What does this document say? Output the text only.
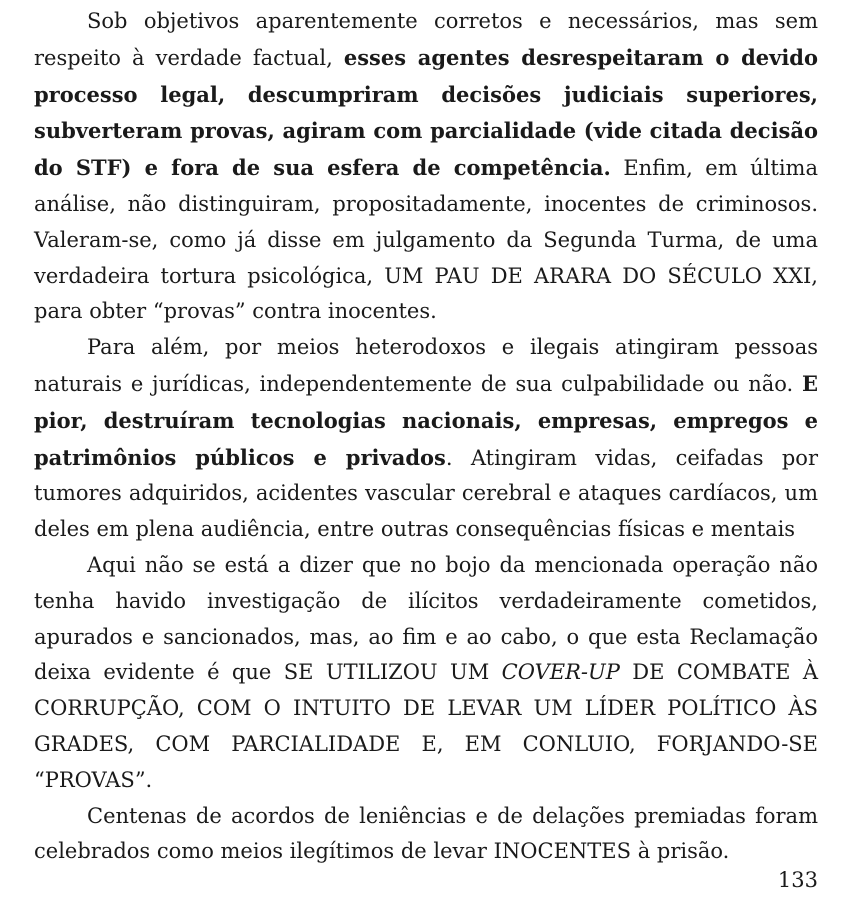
Sob objetivos aparentemente corretos e necessários, mas sem respeito à verdade factual, esses agentes desrespeitaram o devido processo legal, descumpriram decisões judiciais superiores, subverteram provas, agiram com parcialidade (vide citada decisão do STF) e fora de sua esfera de competência. Enfim, em última análise, não distinguiram, propositadamente, inocentes de criminosos. Valeram-se, como já disse em julgamento da Segunda Turma, de uma verdadeira tortura psicológica, UM PAU DE ARARA DO SÉCULO XXI, para obter “provas” contra inocentes.

Para além, por meios heterodoxos e ilegais atingiram pessoas naturais e jurídicas, independentemente de sua culpabilidade ou não. E pior, destruíram tecnologias nacionais, empresas, empregos e patrimônios públicos e privados. Atingiram vidas, ceifadas por tumores adquiridos, acidentes vascular cerebral e ataques cardíacos, um deles em plena audiência, entre outras consequências físicas e mentais

Aqui não se está a dizer que no bojo da mencionada operação não tenha havido investigação de ilícitos verdadeiramente cometidos, apurados e sancionados, mas, ao fim e ao cabo, o que esta Reclamação deixa evidente é que SE UTILIZOU UM COVER-UP DE COMBATE À CORRUPÇÃO, COM O INTUITO DE LEVAR UM LÍDER POLÍTICO ÀS GRADES, COM PARCIALIDADE E, EM CONLUIO, FORJANDO-SE “PROVAS”.

Centenas de acordos de leniências e de delações premiadas foram celebrados como meios ilegítimos de levar INOCENTES à prisão.

133
